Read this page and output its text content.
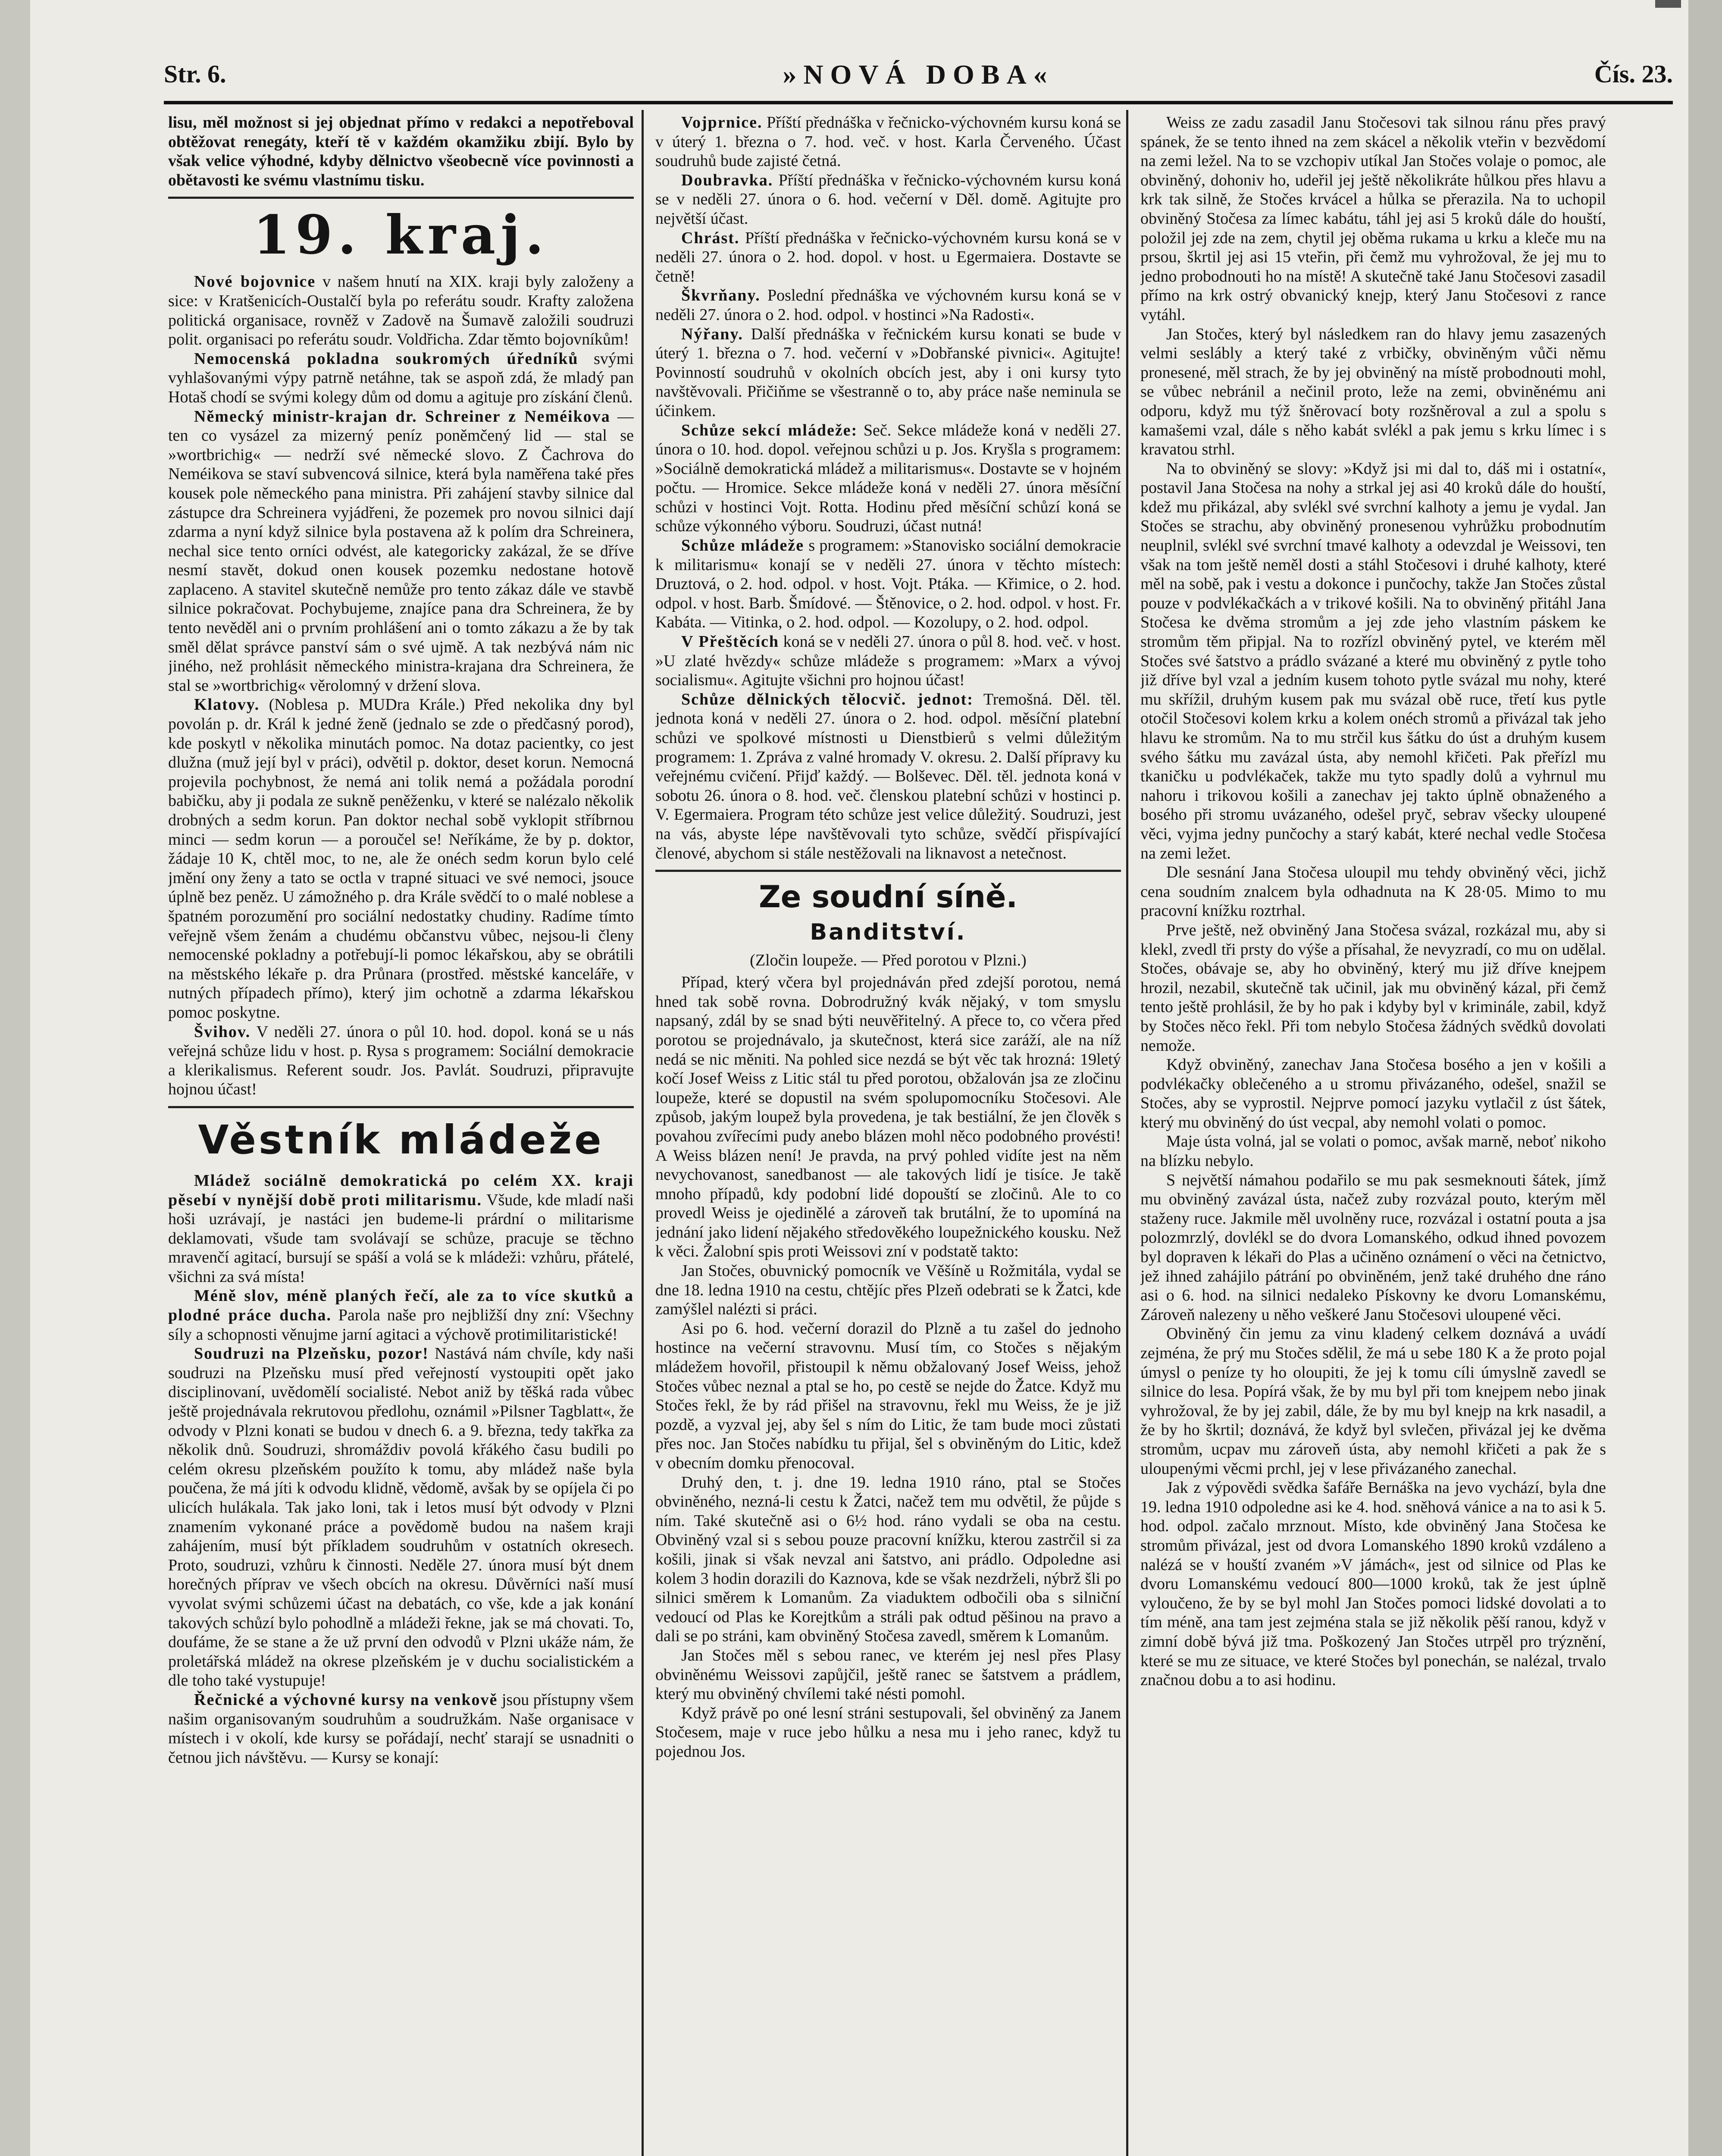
Str. 6.	»NOVÁ DOBA«	Čís. 23.

lisu, měl možnost si jej objednat přímo v redakci a nepotřeboval obtěžovat renegáty, kteří tě v každém okamžiku zbijí. Bylo by však velice výhodné, kdyby dělnictvo všeobecně více povinnosti a obětavosti ke svému vlastnímu tisku.

19. kraj.

Nové bojovnice v našem hnutí na XIX. kraji byly založeny a sice: v Kratšenicích-Oustalčí byla po referátu soudr. Krafty založena politická organisace, rovněž v Zadově na Šumavě založili soudruzi polit. organisaci po referátu soudr. Voldřicha. Zdar těmto bojovníkům!

Nemocenská pokladna soukromých úředníků svými vyhlašovanými výpy patrně netáhne, tak se aspoň zdá, že mladý pan Hotaš chodí se svými kolegy dům od domu a agituje pro získání členů.

Německý ministr-krajan dr. Schreiner z Neméikova — ten co vysázel za mizerný peníz poněmčený lid — stal se »wortbrichig« — nedrží své německé slovo. Z Čachrova do Neméikova se staví subvencová silnice, která byla naměřena také přes kousek pole německého pana ministra. Při zahájení stavby silnice dal zástupce dra Schreinera vyjádřeni, že pozemek pro novou silnici dají zdarma a nyní když silnice byla postavena až k polím dra Schreinera, nechal sice tento orníci odvést, ale kategoricky zakázal, že se dříve nesmí stavět, dokud onen kousek pozemku nedostane hotově zaplaceno. A stavitel skutečně nemůže pro tento zákaz dále ve stavbě silnice pokračovat. Pochybujeme, znajíce pana dra Schreinera, že by tento nevěděl ani o prvním prohlášení ani o tomto zákazu a že by tak směl dělat správce panství sám o své ujmě. A tak nezbývá nám nic jiného, než prohlásit německého ministra-krajana dra Schreinera, že stal se »wortbrichig« věrolomný v držení slova.

Klatovy. (Noblesa p. MUDra Krále.) Před nekolika dny byl povolán p. dr. Král k jedné ženě (jednalo se zde o předčasný porod), kde poskytl v několika minutách pomoc. Na dotaz pacientky, co jest dlužna (muž její byl v práci), odvětil p. doktor, deset korun. Nemocná projevila pochybnost, že nemá ani tolik nemá a požádala porodní babičku, aby ji podala ze sukně peněženku, v které se nalézalo několik drobných a sedm korun. Pan doktor nechal sobě vyklopit stříbrnou minci — sedm korun — a poroučel se! Neříkáme, že by p. doktor, žádaje 10 K, chtěl moc, to ne, ale že onéch sedm korun bylo celé jmění ony ženy a tato se octla v trapné situaci ve své nemoci, jsouce úplně bez peněz. U zámožného p. dra Krále svědčí to o malé noblese a špatném porozumění pro sociální nedostatky chudiny. Radíme tímto veřejně všem ženám a chudému občanstvu vůbec, nejsou-li členy nemocenské pokladny a potřebují-li pomoc lékařskou, aby se obrátili na městského lékaře p. dra Průnara (prostřed. městské kanceláře, v nutných případech přímo), který jim ochotně a zdarma lékařskou pomoc poskytne.

Švihov. V neděli 27. února o půl 10. hod. dopol. koná se u nás veřejná schůze lidu v host. p. Rysa s programem: Sociální demokracie a klerikalismus. Referent soudr. Jos. Pavlát. Soudruzi, připravujte hojnou účast!

Věstník mládeže

Mládež sociálně demokratická po celém XX. kraji pěsebí v nynější době proti militarismu. Všude, kde mladí naši hoši uzrávají, je nastáci jen budeme-li prárdní o militarisme deklamovati, všude tam svolávají se schůze, pracuje se těchno mravenčí agitací, bursují se spáší a volá se k mládeži: vzhůru, přátelé, všichni za svá místa!

Méně slov, méně planých řečí, ale za to více skutků a plodné práce ducha. Parola naše pro nejbližší dny zní: Všechny síly a schopnosti věnujme jarní agitaci a výchově protimilitaristické!

Soudruzi na Plzeňsku, pozor! Nastává nám chvíle, kdy naši soudruzi na Plzeňsku musí před veřejností vystoupiti opět jako disciplinovaní, uvědomělí socialisté. Nebot aniž by těšká rada vůbec ještě projednávala rekrutovou předlohu, oznámil »Pilsner Tagblatt«, že odvody v Plzni konati se budou v dnech 6. a 9. března, tedy takřka za několik dnů. Soudruzi, shromáždiv povolá křákého času budili po celém okresu plzeňském použíto k tomu, aby mládež naše byla poučena, že má jíti k odvodu klidně, vědomě, avšak by se opíjela či po ulicích hulákala. Tak jako loni, tak i letos musí být odvody v Plzni znamením vykonané práce a povědomě budou na našem kraji zahájením, musí být příkladem soudruhům v ostatních okresech. Proto, soudruzi, vzhůru k činnosti. Neděle 27. února musí být dnem horečných příprav ve všech obcích na okresu. Důvěrníci naší musí vyvolat svými schůzemi účast na debatách, co vše, kde a jak konání takových schůzí bylo pohodlně a mládeži řekne, jak se má chovati. To, doufáme, že se stane a že už první den odvodů v Plzni ukáže nám, že proletářská mládež na okrese plzeňském je v duchu socialistickém a dle toho také vystupuje!

Řečnické a výchovné kursy na venkově jsou přístupny všem našim organisovaným soudruhům a soudružkám. Naše organisace v místech i v okolí, kde kursy se pořádají, nechť starají se usnadniti o četnou jich návštěvu. — Kursy se konají:

Vojprnice. Příští přednáška v řečnicko-výchovném kursu koná se v úterý 1. března o 7. hod. več. v host. Karla Červeného. Účast soudruhů bude zajisté četná.

Doubravka. Příští přednáška v řečnicko-výchovném kursu koná se v neděli 27. února o 6. hod. večerní v Děl. domě. Agitujte pro největší účast.

Chrást. Příští přednáška v řečnicko-výchovném kursu koná se v neděli 27. února o 2. hod. dopol. v host. u Egermaiera. Dostavte se četně!

Škvrňany. Poslední přednáška ve výchovném kursu koná se v neděli 27. února o 2. hod. odpol. v hostinci »Na Radosti«.

Nýřany. Další přednáška v řečnickém kursu konati se bude v úterý 1. března o 7. hod. večerní v »Dobřanské pivnici«. Agitujte! Povinností soudruhů v okolních obcích jest, aby i oni kursy tyto navštěvovali. Přičiňme se všestranně o to, aby práce naše neminula se účinkem.

Schůze sekcí mládeže: Seč. Sekce mládeže koná v neděli 27. února o 10. hod. dopol. veřejnou schůzi u p. Jos. Kryšla s programem: »Sociálně demokratická mládež a militarismus«. Dostavte se v hojném počtu. — Hromice. Sekce mládeže koná v neděli 27. února měsíční schůzi v hostinci Vojt. Rotta. Hodinu před měsíční schůzí koná se schůze výkonného výboru. Soudruzi, účast nutná!

Schůze mládeže s programem: »Stanovisko sociální demokracie k militarismu« konají se v neděli 27. února v těchto místech: Druztová, o 2. hod. odpol. v host. Vojt. Ptáka. — Křimice, o 2. hod. odpol. v host. Barb. Šmídové. — Štěnovice, o 2. hod. odpol. v host. Fr. Kabáta. — Vitinka, o 2. hod. odpol. — Kozolupy, o 2. hod. odpol.

V Přeštěcích koná se v neděli 27. února o půl 8. hod. več. v host. »U zlaté hvězdy« schůze mládeže s programem: »Marx a vývoj socialismu«. Agitujte všichni pro hojnou účast!

Schůze dělnických tělocvič. jednot: Tremošná. Děl. těl. jednota koná v neděli 27. února o 2. hod. odpol. měsíční platební schůzi ve spolkové místnosti u Dienstbierů s velmi důležitým programem: 1. Zpráva z valné hromady V. okresu. 2. Další přípravy ku veřejnému cvičení. Přijď každý. — Bolševec. Děl. těl. jednota koná v sobotu 26. února o 8. hod. več. členskou platební schůzi v hostinci p. V. Egermaiera. Program této schůze jest velice důležitý. Soudruzi, jest na vás, abyste lépe navštěvovali tyto schůze, svědčí přispívající členové, abychom si stále nestěžovali na liknavost a netečnost.

Ze soudní síně.
Banditství.
(Zločin loupeže. — Před porotou v Plzni.)

Případ, který včera byl projednáván před zdejší porotou, nemá hned tak sobě rovna. Dobrodružný kvák nějaký, v tom smyslu napsaný, zdál by se snad býti neuvěřitelný. A přece to, co včera před porotou se projednávalo, ja skutečnost, která sice zaráží, ale na níž nedá se nic měniti. Na pohled sice nezdá se být věc tak hrozná: 19letý kočí Josef Weiss z Litic stál tu před porotou, obžalován jsa ze zločinu loupeže, které se dopustil na svém spolupomocníku Stočesovi. Ale způsob, jakým loupež byla provedena, je tak bestiální, že jen člověk s povahou zvířecími pudy anebo blázen mohl něco podobného provésti! A Weiss blázen není! Je pravda, na prvý pohled vidíte jest na něm nevychovanost, sanedbanost — ale takových lidí je tisíce. Je takě mnoho případů, kdy podobní lidé dopouští se zločinů. Ale to co provedl Weiss je ojedinělé a zároveň tak brutální, že to upomíná na jednání jako lidení nějakého středověkého loupežnického kousku. Než k věci. Žalobní spis proti Weissovi zní v podstatě takto:

Jan Stočes, obuvnický pomocník ve Věšíně u Rožmitála, vydal se dne 18. ledna 1910 na cestu, chtějíc přes Plzeň odebrati se k Žatci, kde zamýšlel nalézti si práci.

Asi po 6. hod. večerní dorazil do Plzně a tu zašel do jednoho hostince na večerní stravovnu. Musí tím, co Stočes s nějakým mládežem hovořil, přistoupil k němu obžalovaný Josef Weiss, jehož Stočes vůbec neznal a ptal se ho, po cestě se nejde do Žatce. Když mu Stočes řekl, že by rád přišel na stravovnu, řekl mu Weiss, že je již pozdě, a vyzval jej, aby šel s ním do Litic, že tam bude moci zůstati přes noc. Jan Stočes nabídku tu přijal, šel s obviněným do Litic, kdež v obecním domku přenocoval.

Druhý den, t. j. dne 19. ledna 1910 ráno, ptal se Stočes obviněného, nezná-li cestu k Žatci, načež tem mu odvětil, že půjde s ním. Také skutečně asi o 6½ hod. ráno vydali se oba na cestu. Obviněný vzal si s sebou pouze pracovní knížku, kterou zastrčil si za košili, jinak si však nevzal ani šatstvo, ani prádlo. Odpoledne asi kolem 3 hodin dorazili do Kaznova, kde se však nezdrželi, nýbrž šli po silnici směrem k Lomanům. Za viaduktem odbočili oba s silniční vedoucí od Plas ke Korejtkům a stráli pak odtud pěšinou na pravo a dali se po stráni, kam obviněný Stočesa zavedl, směrem k Lomanům.

Jan Stočes měl s sebou ranec, ve kterém jej nesl přes Plasy obviněnému Weissovi zapůjčil, ještě ranec se šatstvem a prádlem, který mu obviněný chvílemi také nésti pomohl.

Když právě po oné lesní stráni sestupovali, šel obviněný za Janem Stočesem, maje v ruce jebo hůlku a nesa mu i jeho ranec, když tu pojednou Jos.

Weiss ze zadu zasadil Janu Stočesovi tak silnou ránu přes pravý spánek, že se tento ihned na zem skácel a několik vteřin v bezvědomí na zemi ležel. Na to se vzchopiv utíkal Jan Stočes volaje o pomoc, ale obviněný, dohoniv ho, udeřil jej ještě několikráte hůlkou přes hlavu a krk tak silně, že Stočes krvácel a hůlka se přerazila. Na to uchopil obviněný Stočesa za límec kabátu, táhl jej asi 5 kroků dále do houští, položil jej zde na zem, chytil jej oběma rukama u krku a kleče mu na prsou, škrtil jej asi 15 vteřin, při čemž mu vyhrožoval, že jej mu to jedno probodnouti ho na místě! A skutečně také Janu Stočesovi zasadil přímo na krk ostrý obvanický knejp, který Janu Stočesovi z rance vytáhl.

Jan Stočes, který byl následkem ran do hlavy jemu zasazených velmi seslábly a který také z vrbičky, obviněným vůči němu pronesené, měl strach, že by jej obviněný na místě probodnouti mohl, se vůbec nebránil a nečinil proto, leže na zemi, obviněnému ani odporu, když mu týž šněrovací boty rozšněroval a zul a spolu s kamašemi vzal, dále s něho kabát svlékl a pak jemu s krku límec i s kravatou strhl.

Na to obviněný se slovy: »Když jsi mi dal to, dáš mi i ostatní«, postavil Jana Stočesa na nohy a strkal jej asi 40 kroků dále do houští, kdež mu přikázal, aby svlékl své svrchní kalhoty a jemu je vydal. Jan Stočes se strachu, aby obviněný pronesenou vyhrůžku probodnutím neuplnil, svlékl své svrchní tmavé kalhoty a odevzdal je Weissovi, ten však na tom ještě neměl dosti a stáhl Stočesovi i druhé kalhoty, které měl na sobě, pak i vestu a dokonce i punčochy, takže Jan Stočes zůstal pouze v podvlékačkách a v trikové košili. Na to obviněný přitáhl Jana Stočesa ke dvěma stromům a jej zde jeho vlastním páskem ke stromům těm připjal. Na to rozřízl obviněný pytel, ve kterém měl Stočes své šatstvo a prádlo svázané a které mu obviněný z pytle toho již dříve byl vzal a jedním kusem tohoto pytle svázal mu nohy, které mu skřížil, druhým kusem pak mu svázal obě ruce, třetí kus pytle otočil Stočesovi kolem krku a kolem onéch stromů a přivázal tak jeho hlavu ke stromům. Na to mu strčil kus šátku do úst a druhým kusem svého šátku mu zavázal ústa, aby nemohl křičeti. Pak přeřízl mu tkaničku u podvlékaček, takže mu tyto spadly dolů a vyhrnul mu nahoru i trikovou košili a zanechav jej takto úplně obnaženého a bosého při stromu uvázaného, odešel pryč, sebrav všecky uloupené věci, vyjma jedny punčochy a starý kabát, které nechal vedle Stočesa na zemi ležet.

Dle sesnání Jana Stočesa uloupil mu tehdy obviněný věci, jichž cena soudním znalcem byla odhadnuta na K 28·05. Mimo to mu pracovní knížku roztrhal.

Prve ještě, než obviněný Jana Stočesa svázal, rozkázal mu, aby si klekl, zvedl tři prsty do výše a přísahal, že nevyzradí, co mu on udělal. Stočes, obávaje se, aby ho obviněný, který mu již dříve knejpem hrozil, nezabil, skutečně tak učinil, jak mu obviněný kázal, při čemž tento ještě prohlásil, že by ho pak i kdyby byl v kriminále, zabil, když by Stočes něco řekl. Při tom nebylo Stočesa žádných svědků dovolati nemože.

Když obviněný, zanechav Jana Stočesa bosého a jen v košili a podvlékačky oblečeného a u stromu přivázaného, odešel, snažil se Stočes, aby se vyprostil. Nejprve pomocí jazyku vytlačil z úst šátek, který mu obviněný do úst vecpal, aby nemohl volati o pomoc.

Maje ústa volná, jal se volati o pomoc, avšak marně, neboť nikoho na blízku nebylo.

S největší námahou podařilo se mu pak sesmeknouti šátek, jímž mu obviněný zavázal ústa, načež zuby rozvázal pouto, kterým měl staženy ruce. Jakmile měl uvolněny ruce, rozvázal i ostatní pouta a jsa polozmrzlý, dovlékl se do dvora Lomanského, odkud ihned povozem byl dopraven k lékaři do Plas a učiněno oznámení o věci na četnictvo, jež ihned zahájilo pátrání po obviněném, jenž také druhého dne ráno asi o 6. hod. na silnici nedaleko Pískovny ke dvoru Lomanskému, Zároveň nalezeny u něho veškeré Janu Stočesovi uloupené věci.

Obviněný čin jemu za vinu kladený celkem doznává a uvádí zejména, že prý mu Stočes sdělil, že má u sebe 180 K a že proto pojal úmysl o peníze ty ho oloupiti, že jej k tomu cíli úmyslně zavedl se silnice do lesa. Popírá však, že by mu byl při tom knejpem nebo jinak vyhrožoval, že by jej zabil, dále, že by mu byl knejp na krk nasadil, a že by ho škrtil; doznává, že když byl svlečen, přivázal jej ke dvěma stromům, ucpav mu zároveň ústa, aby nemohl křičeti a pak že s uloupenými věcmi prchl, jej v lese přivázaného zanechal.

Jak z výpovědi svědka šafáře Bernáška na jevo vychází, byla dne 19. ledna 1910 odpoledne asi ke 4. hod. sněhová vánice a na to asi k 5. hod. odpol. začalo mrznout. Místo, kde obviněný Jana Stočesa ke stromům přivázal, jest od dvora Lomanského 1890 kroků vzdáleno a nalézá se v houští zvaném »V jámách«, jest od silnice od Plas ke dvoru Lomanskému vedoucí 800—1000 kroků, tak že jest úplně vyloučeno, že by se byl mohl Jan Stočes pomoci lidské dovolati a to tím méně, ana tam jest zejména stala se již několik pěší ranou, když v zimní době bývá již tma. Poškozený Jan Stočes utrpěl pro trýznění, které se mu ze situace, ve které Stočes byl ponechán, se nalézal, trvalo značnou dobu a to asi hodinu.
